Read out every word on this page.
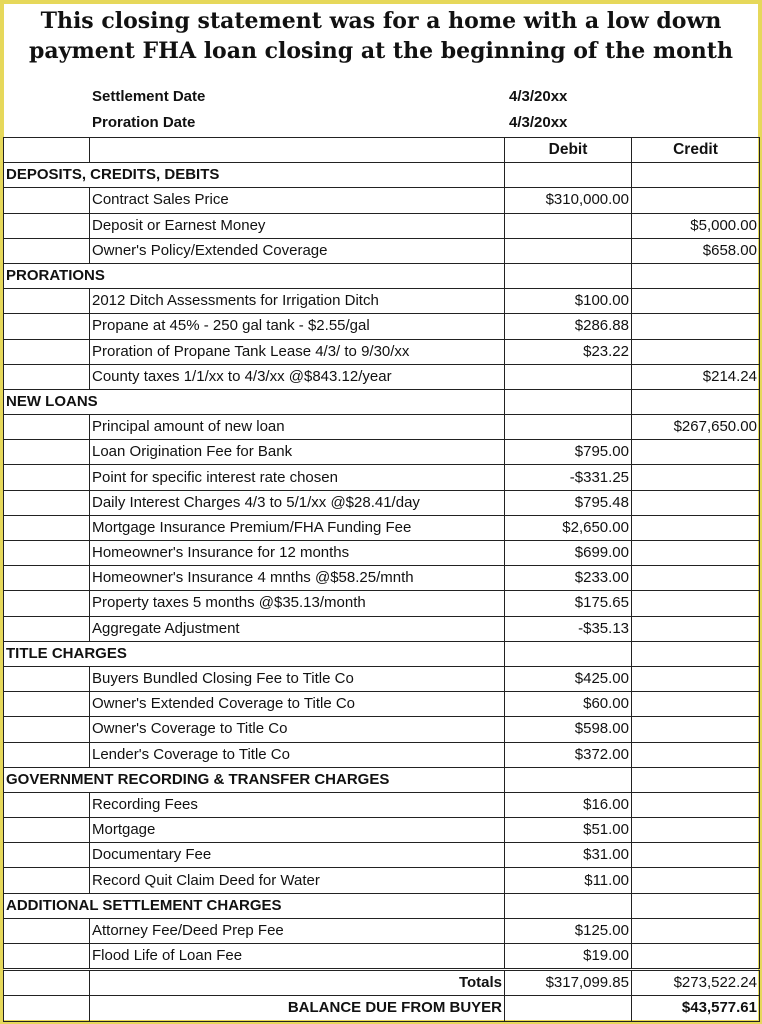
This closing statement was for a home with a low down
payment FHA loan closing at the beginning of the month
Settlement Date	4/3/20xx
Proration Date	4/3/20xx
		Debit	Credit
DEPOSITS, CREDITS, DEBITS			
	Contract Sales Price	$310,000.00	
	Deposit or Earnest Money		$5,000.00
	Owner's Policy/Extended Coverage		$658.00
PRORATIONS			
	2012 Ditch Assessments for Irrigation Ditch	$100.00	
	Propane at 45% - 250 gal tank - $2.55/gal	$286.88	
	Proration of Propane Tank Lease 4/3/ to 9/30/xx	$23.22	
	County taxes 1/1/xx to 4/3/xx @$843.12/year		$214.24
NEW LOANS			
	Principal amount of new loan		$267,650.00
	Loan Origination Fee for Bank	$795.00	
	Point for specific interest rate chosen	-$331.25	
	Daily Interest Charges 4/3 to 5/1/xx @$28.41/day	$795.48	
	Mortgage Insurance Premium/FHA Funding Fee	$2,650.00	
	Homeowner's Insurance for 12 months	$699.00	
	Homeowner's Insurance 4 mnths @$58.25/mnth	$233.00	
	Property taxes 5 months @$35.13/month	$175.65	
	Aggregate Adjustment	-$35.13	
TITLE CHARGES			
	Buyers Bundled Closing Fee to Title Co	$425.00	
	Owner's Extended Coverage to Title Co	$60.00	
	Owner's Coverage to Title Co	$598.00	
	Lender's Coverage to Title Co	$372.00	
GOVERNMENT RECORDING & TRANSFER CHARGES			
	Recording Fees	$16.00	
	Mortgage	$51.00	
	Documentary Fee	$31.00	
	Record Quit Claim Deed for Water	$11.00	
ADDITIONAL SETTLEMENT CHARGES			
	Attorney Fee/Deed Prep Fee	$125.00	
	Flood Life of Loan Fee	$19.00	
	Totals	$317,099.85	$273,522.24
	BALANCE DUE FROM BUYER		$43,577.61
